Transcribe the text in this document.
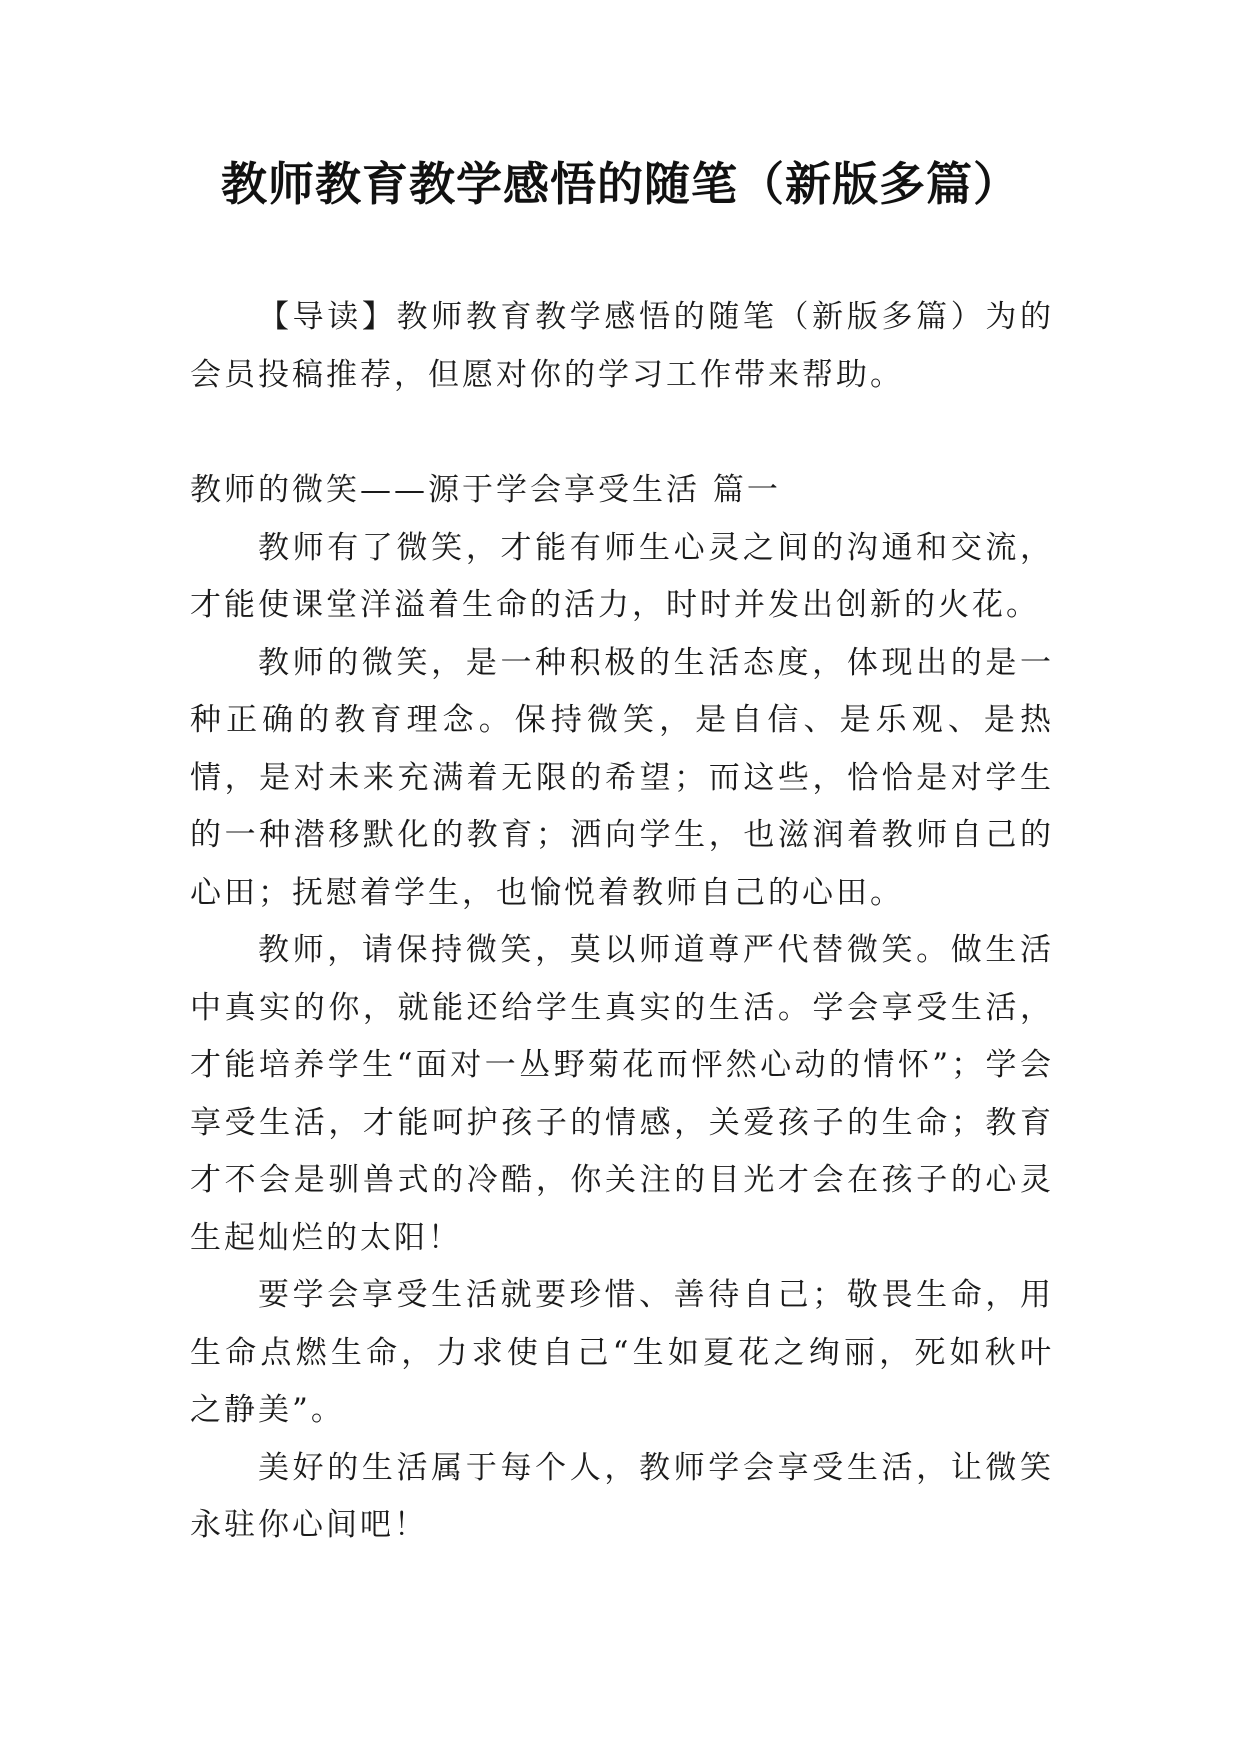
教师教育教学感悟的随笔（新版多篇）

【导读】教师教育教学感悟的随笔（新版多篇）为的会员投稿推荐，但愿对你的学习工作带来帮助。

教师的微笑——源于学会享受生活 篇一

教师有了微笑，才能有师生心灵之间的沟通和交流，才能使课堂洋溢着生命的活力，时时并发出创新的火花。

教师的微笑，是一种积极的生活态度，体现出的是一种正确的教育理念。保持微笑，是自信、是乐观、是热情，是对未来充满着无限的希望；而这些，恰恰是对学生的一种潜移默化的教育；洒向学生，也滋润着教师自己的心田；抚慰着学生，也愉悦着教师自己的心田。

教师，请保持微笑，莫以师道尊严代替微笑。做生活中真实的你，就能还给学生真实的生活。学会享受生活，才能培养学生“面对一丛野菊花而怦然心动的情怀”；学会享受生活，才能呵护孩子的情感，关爱孩子的生命；教育才不会是驯兽式的冷酷，你关注的目光才会在孩子的心灵生起灿烂的太阳！

要学会享受生活就要珍惜、善待自己；敬畏生命，用生命点燃生命，力求使自己“生如夏花之绚丽，死如秋叶之静美”。

美好的生活属于每个人，教师学会享受生活，让微笑永驻你心间吧！
